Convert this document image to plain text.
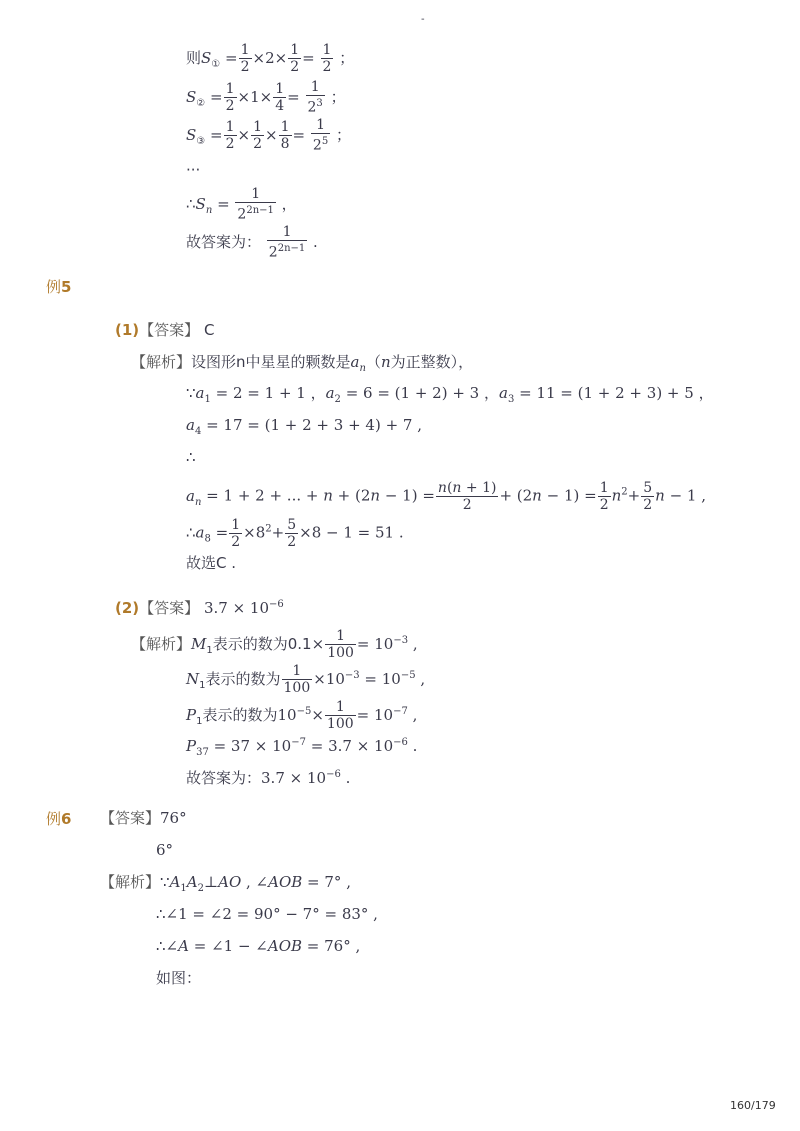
-
则$S_① = \frac{1}{2} \times 2\times \frac{1}{2} = \frac{1}{2}$ ；
$S_② = \frac{1}{2} \times 1\times \frac{1}{4} = \frac{1}{2^3}$ ；
$S_③ = \frac{1}{2} \times \frac{1}{2} \times \frac{1}{8} = \frac{1}{2^5}$ ；
···
$\therefore S_n = \frac{1}{2^{2n-1}}$ ，
故答案为： $\frac{1}{2^{2n-1}}$ .
例5
(1)【答案】 C
【解析】设图形n中星星的颗数是$a_n(n$为正整数），
$\because a_1 = 2 = 1 + 1$ ，$a_2 = 6 = (1 + 2) + 3$ ，$a_3 = 11 = (1 + 2 + 3) + 5$ ，
$a_4 = 17 = (1 + 2 + 3 + 4) + 7$ ,
∴
$a_n = 1 + 2$ + ... + $n + (2n - 1) = \frac{n(n + 1)}{2} + (2n - 1) = \frac{1}{2} n^2+ \frac{5}{2}$ n − 1 ,
$\therefore a_8 = \frac{1}{2} \times 8^2+ \frac{5}{2} \times 8 - 1 = 51$ .
故选C .
(2)【答案】 $3.7 \times 10^{-6}$
【解析】$M_1$表示的数为$0.1\times \frac{1}{100} = 10^{-3}$ ,
$N_1$表示的数为 $\frac{1}{100} \times 10^{-3} = 10^{-5}$ ,
$P_1$表示的数为$10^{-5}\times \frac{1}{100} = 10^{-7}$ ,
$P_{37} = 37 \times 10^{-7} = 3.7 \times 10^{-6}$ .
故答案为：$3.7 \times 10^{-6}$ .
例6 【答案】76°
6°
【解析】$\because A_1A_2\perp AO$ , ∠AOB = 7° ,
∴∠1 = ∠2 = 90° − 7° = 83° ,
∴∠A = ∠1 − ∠AOB = 76° ,
如图：
160/179
